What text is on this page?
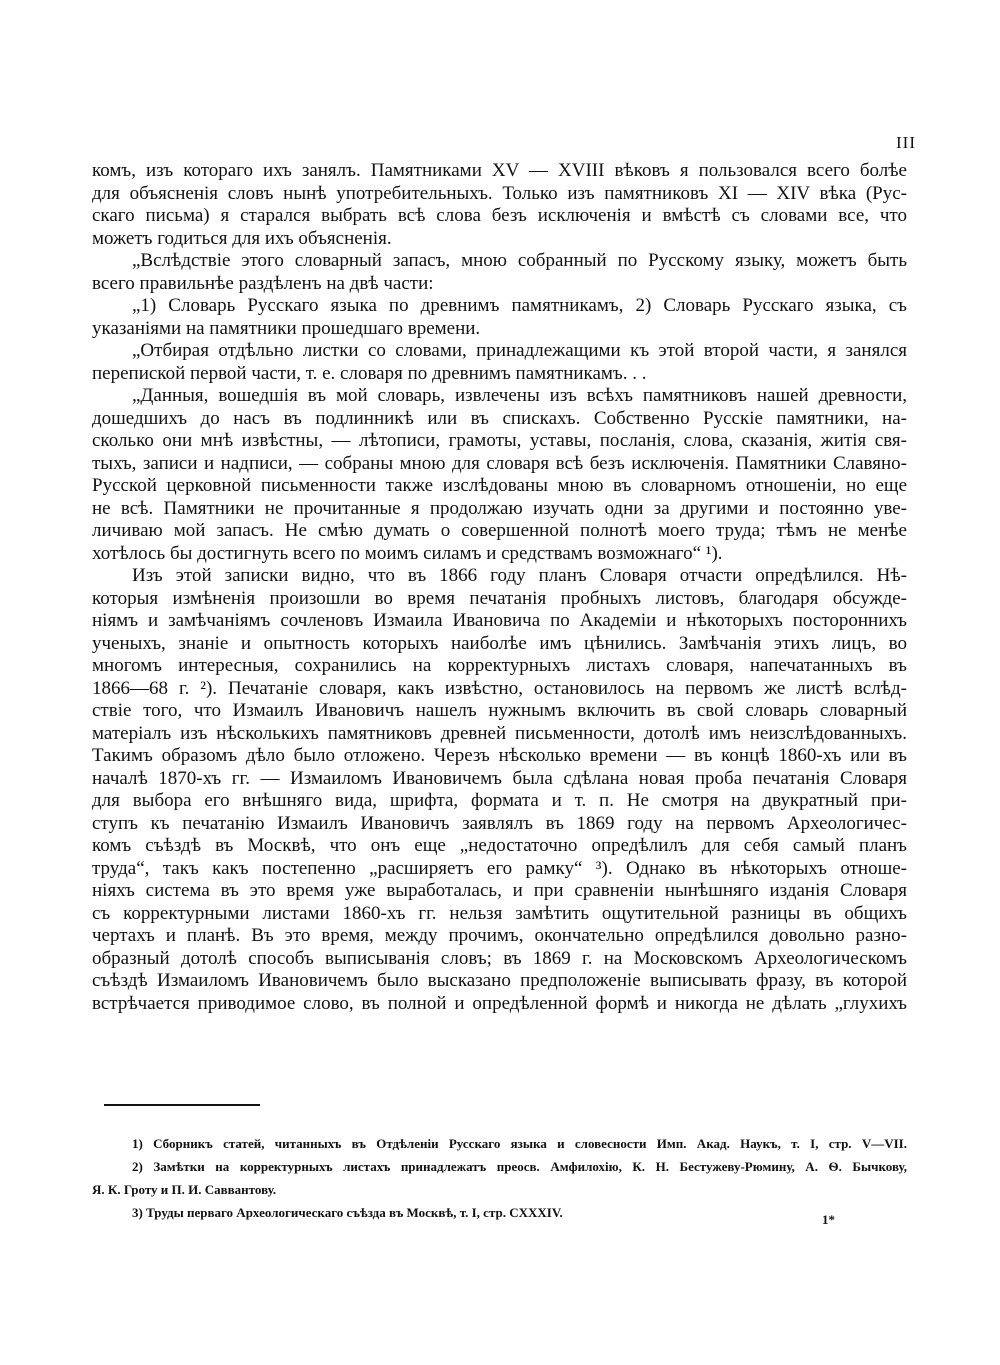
III
комъ, изъ котораго ихъ занялъ. Памятниками XV — XVIII вѣковъ я пользовался всего болѣе
для объясненія словъ нынѣ употребительныхъ. Только изъ памятниковъ XI — XIV вѣка (Рус-
скаго письма) я старался выбрать всѣ слова безъ исключенія и вмѣстѣ съ словами все, что
можетъ годиться для ихъ объясненія.
„Вслѣдствіе этого словарный запасъ, мною собранный по Русскому языку, можетъ быть
всего правильнѣе раздѣленъ на двѣ части:
„1) Словарь Русскаго языка по древнимъ памятникамъ, 2) Словарь Русскаго языка, съ
указаніями на памятники прошедшаго времени.
„Отбирая отдѣльно листки со словами, принадлежащими къ этой второй части, я занялся
перепиской первой части, т. е. словаря по древнимъ памятникамъ. . .
„Данныя, вошедшія въ мой словарь, извлечены изъ всѣхъ памятниковъ нашей древности,
дошедшихъ до насъ въ подлинникѣ или въ спискахъ. Собственно Русскіе памятники, на-
сколько они мнѣ извѣстны, — лѣтописи, грамоты, уставы, посланія, слова, сказанія, житія свя-
тыхъ, записи и надписи, — собраны мною для словаря всѣ безъ исключенія. Памятники Славяно-
Русской церковной письменности также изслѣдованы мною въ словарномъ отношеніи, но еще
не всѣ. Памятники не прочитанные я продолжаю изучать одни за другими и постоянно уве-
личиваю мой запасъ. Не смѣю думать о совершенной полнотѣ моего труда; тѣмъ не менѣе
хотѣлось бы достигнуть всего по моимъ силамъ и средствамъ возможнаго“ ¹).
Изъ этой записки видно, что въ 1866 году планъ Словаря отчасти опредѣлился. Нѣ-
которыя измѣненія произошли во время печатанія пробныхъ листовъ, благодаря обсужде-
ніямъ и замѣчаніямъ сочленовъ Измаила Ивановича по Академіи и нѣкоторыхъ постороннихъ
ученыхъ, знаніе и опытность которыхъ наиболѣе имъ цѣнились. Замѣчанія этихъ лицъ, во
многомъ интересныя, сохранились на корректурныхъ листахъ словаря, напечатанныхъ въ
1866—68 г. ²). Печатаніе словаря, какъ извѣстно, остановилось на первомъ же листѣ вслѣд-
ствіе того, что Измаилъ Ивановичъ нашелъ нужнымъ включить въ свой словарь словарный
матеріалъ изъ нѣсколькихъ памятниковъ древней письменности, дотолѣ имъ неизслѣдованныхъ.
Такимъ образомъ дѣло было отложено. Черезъ нѣсколько времени — въ концѣ 1860-хъ или въ
началѣ 1870-хъ гг. — Измаиломъ Ивановичемъ была сдѣлана новая проба печатанія Словаря
для выбора его внѣшняго вида, шрифта, формата и т. п. Не смотря на двукратный при-
ступъ къ печатанію Измаилъ Ивановичъ заявлялъ въ 1869 году на первомъ Археологичес-
комъ съѣздѣ въ Москвѣ, что онъ еще „недостаточно опредѣлилъ для себя самый планъ
труда“, такъ какъ постепенно „расширяетъ его рамку“ ³). Однако въ нѣкоторыхъ отноше-
ніяхъ система въ это время уже выработалась, и при сравненіи нынѣшняго изданія Словаря
съ корректурными листами 1860-хъ гг. нельзя замѣтить ощутительной разницы въ общихъ
чертахъ и планѣ. Въ это время, между прочимъ, окончательно опредѣлился довольно разно-
образный дотолѣ способъ выписыванія словъ; въ 1869 г. на Московскомъ Археологическомъ
съѣздѣ Измаиломъ Ивановичемъ было высказано предположеніе выписывать фразу, въ которой
встрѣчается приводимое слово, въ полной и опредѣленной формѣ и никогда не дѣлать „глухихъ
1) Сборникъ статей, читанныхъ въ Отдѣленіи Русскаго языка и словесности Имп. Акад. Наукъ, т. I, стр. V—VII.
2) Замѣтки на корректурныхъ листахъ принадлежатъ преосв. Амфилохію, К. Н. Бестужеву-Рюмину, А. Ѳ. Бычкову,
Я. К. Гроту и П. И. Саввантову.
3) Труды перваго Археологическаго съѣзда въ Москвѣ, т. I, стр. CXXXIV.	1*
